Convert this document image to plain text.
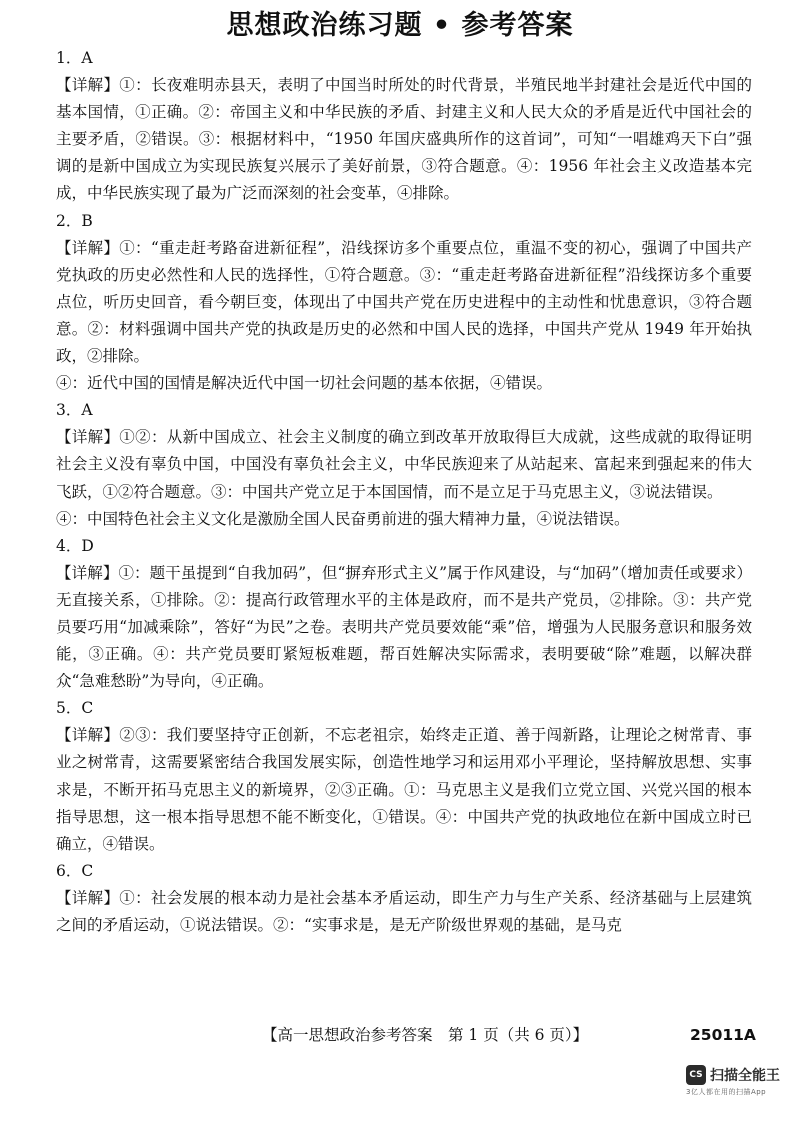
思想政治练习题 • 参考答案
1．A
【详解】①：长夜难明赤县天，表明了中国当时所处的时代背景，半殖民地半封建社会是近代中国的基本国情，①正确。②：帝国主义和中华民族的矛盾、封建主义和人民大众的矛盾是近代中国社会的主要矛盾，②错误。③：根据材料中，“1950 年国庆盛典所作的这首词”，可知“一唱雄鸡天下白”强调的是新中国成立为实现民族复兴展示了美好前景，③符合题意。④：1956 年社会主义改造基本完成，中华民族实现了最为广泛而深刻的社会变革，④排除。
2．B
【详解】①：“重走赶考路奋进新征程”，沿线探访多个重要点位，重温不变的初心，强调了中国共产党执政的历史必然性和人民的选择性，①符合题意。③：“重走赶考路奋进新征程”沿线探访多个重要点位，听历史回音，看今朝巨变，体现出了中国共产党在历史进程中的主动性和忧患意识，③符合题意。②：材料强调中国共产党的执政是历史的必然和中国人民的选择，中国共产党从 1949 年开始执政，②排除。
④：近代中国的国情是解决近代中国一切社会问题的基本依据，④错误。
3．A
【详解】①②：从新中国成立、社会主义制度的确立到改革开放取得巨大成就，这些成就的取得证明社会主义没有辜负中国，中国没有辜负社会主义，中华民族迎来了从站起来、富起来到强起来的伟大飞跃，①②符合题意。③：中国共产党立足于本国国情，而不是立足于马克思主义，③说法错误。
④：中国特色社会主义文化是激励全国人民奋勇前进的强大精神力量，④说法错误。
4．D
【详解】①：题干虽提到“自我加码”，但“摒弃形式主义”属于作风建设，与“加码”（增加责任或要求）无直接关系，①排除。②：提高行政管理水平的主体是政府，而不是共产党员，②排除。③：共产党员要巧用“加减乘除”，答好“为民”之卷。表明共产党员要效能“乘”倍，增强为人民服务意识和服务效能，③正确。④：共产党员要盯紧短板难题，帮百姓解决实际需求，表明要破“除”难题，以解决群众“急难愁盼”为导向，④正确。
5．C
【详解】②③：我们要坚持守正创新，不忘老祖宗，始终走正道、善于闯新路，让理论之树常青、事业之树常青，这需要紧密结合我国发展实际，创造性地学习和运用邓小平理论，坚持解放思想、实事求是，不断开拓马克思主义的新境界，②③正确。①：马克思主义是我们立党立国、兴党兴国的根本指导思想，这一根本指导思想不能不断变化，①错误。④：中国共产党的执政地位在新中国成立时已确立，④错误。
6．C
【详解】①：社会发展的根本动力是社会基本矛盾运动，即生产力与生产关系、经济基础与上层建筑之间的矛盾运动，①说法错误。②：“实事求是，是无产阶级世界观的基础，是马克
【高一思想政治参考答案　第 1 页（共 6 页）】	25011A
CS 扫描全能王
3亿人都在用的扫描App
